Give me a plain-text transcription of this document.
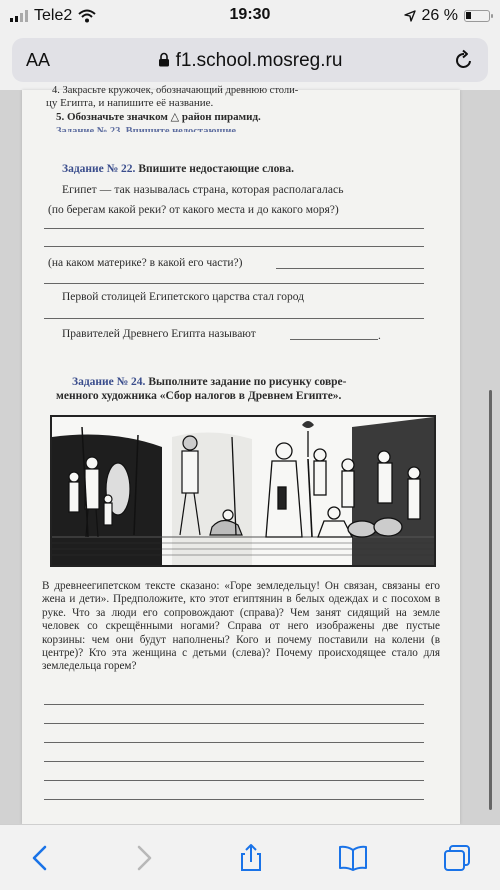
Tele2	19:30	26 %
AA	f1.school.mosreg.ru
4. Закрасьте кружочек, обозначающий древнюю столи-
цу Египта, и напишите её название.
5. Обозначьте значком △ район пирамид.
Задание № 22. Впишите недостающие слова.
Египет — так называлась страна, которая располагалась
(по берегам какой реки? от какого места и до какого моря?)
(на каком материке? в какой его части?)
Первой столицей Египетского царства стал город
Правителей Древнего Египта называют	.
Задание № 24. Выполните задание по рисунку совре-
менного художника «Сбор налогов в Древнем Египте».
В древнеегипетском тексте сказано: «Горе земледельцу! Он связан, связаны его жена и дети». Предположите, кто этот египтянин в белых одеждах и с посохом в руке. Что за люди его сопровождают (справа)? Чем занят сидящий на земле человек со скрещёнными ногами? Справа от него изображены две пустые корзины: чем они будут наполнены? Кого и почему поставили на колени (в центре)? Кто эта женщина с детьми (слева)? Почему происходящее стало для земледельца горем?
